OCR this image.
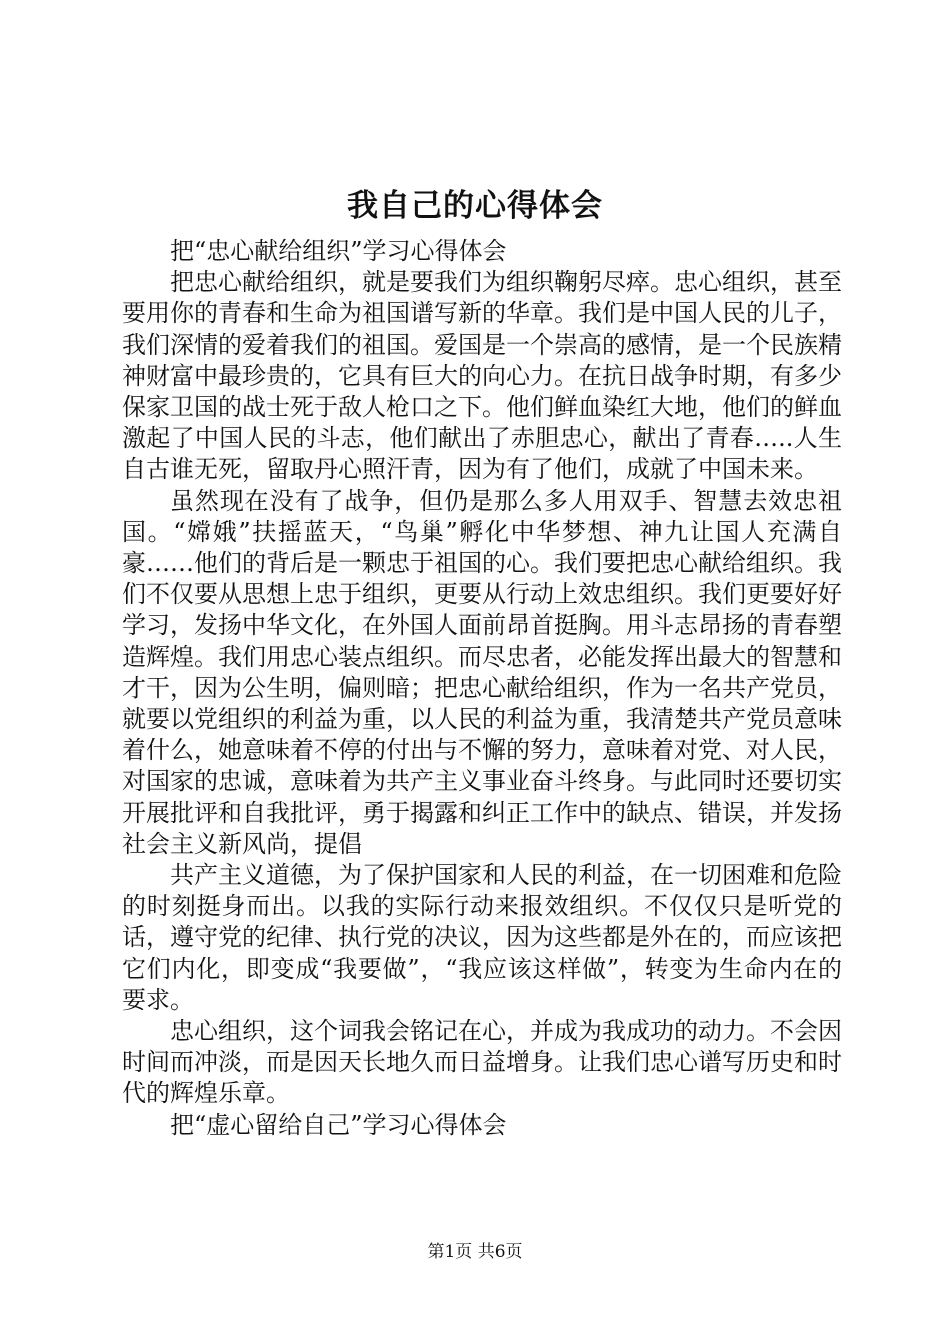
我自己的心得体会

把“忠心献给组织”学习心得体会

把忠心献给组织，就是要我们为组织鞠躬尽瘁。忠心组织，甚至要用你的青春和生命为祖国谱写新的华章。我们是中国人民的儿子，我们深情的爱着我们的祖国。爱国是一个崇高的感情，是一个民族精神财富中最珍贵的，它具有巨大的向心力。在抗日战争时期，有多少保家卫国的战士死于敌人枪口之下。他们鲜血染红大地，他们的鲜血激起了中国人民的斗志，他们献出了赤胆忠心，献出了青春…..人生自古谁无死，留取丹心照汗青，因为有了他们，成就了中国未来。

虽然现在没有了战争，但仍是那么多人用双手、智慧去效忠祖国。“嫦娥”扶摇蓝天，“鸟巢”孵化中华梦想、神九让国人充满自豪……他们的背后是一颗忠于祖国的心。我们要把忠心献给组织。我们不仅要从思想上忠于组织，更要从行动上效忠组织。我们更要好好学习，发扬中华文化，在外国人面前昂首挺胸。用斗志昂扬的青春塑造辉煌。我们用忠心装点组织。而尽忠者，必能发挥出最大的智慧和才干，因为公生明，偏则暗；把忠心献给组织，作为一名共产党员，就要以党组织的利益为重，以人民的利益为重，我清楚共产党员意味着什么，她意味着不停的付出与不懈的努力，意味着对党、对人民，对国家的忠诚，意味着为共产主义事业奋斗终身。与此同时还要切实开展批评和自我批评，勇于揭露和纠正工作中的缺点、错误，并发扬社会主义新风尚，提倡

共产主义道德，为了保护国家和人民的利益，在一切困难和危险的时刻挺身而出。以我的实际行动来报效组织。不仅仅只是听党的话，遵守党的纪律、执行党的决议，因为这些都是外在的，而应该把它们内化，即变成“我要做”，“我应该这样做”，转变为生命内在的要求。

忠心组织，这个词我会铭记在心，并成为我成功的动力。不会因时间而冲淡，而是因天长地久而日益增身。让我们忠心谱写历史和时代的辉煌乐章。

把“虚心留给自己”学习心得体会

第1页 共6页
